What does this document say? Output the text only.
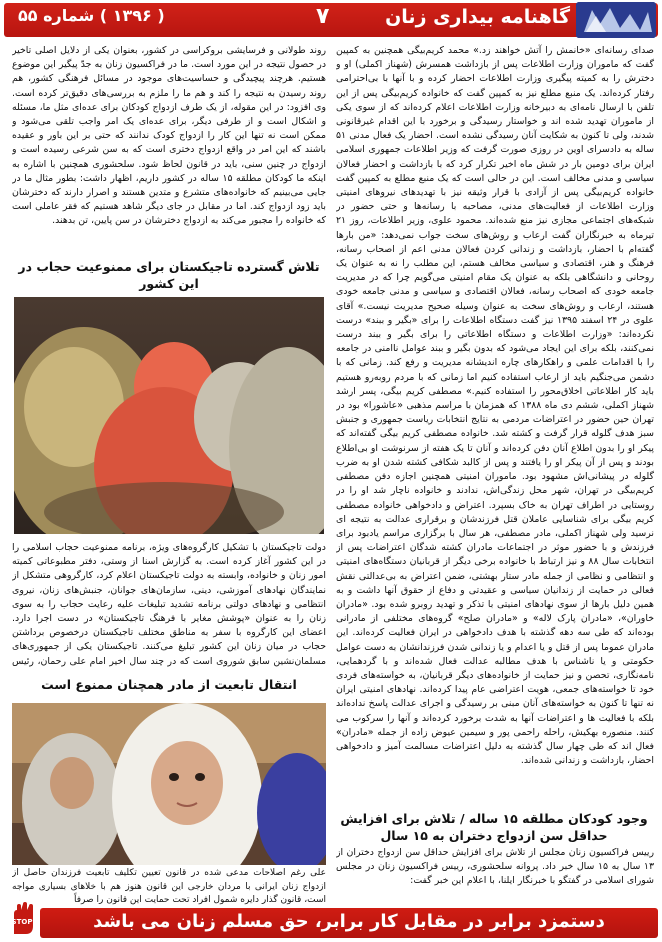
گاهنامه بیداری زنان
۷
( ۱۳۹۶ ) شماره ۵۵

صدای رسانه‌ای «خانمش را آتش خواهند زد.» محمد کریم‌بیگی همچنین به کمپین گفت که ماموران وزارت اطلاعات پس از بازداشت همسرش (شهناز اکملی) او و دخترش را به کمیته پیگیری وزارت اطلاعات احضار کرده و با آنها با بی‌احترامی رفتار کرده‌اند. یک منبع مطلع نیز به کمپین گفت که خانواده کریم‌بیگی پس از این تلفن با ارسال نامه‌ای به دبیرخانه وزارت اطلاعات اعلام کرده‌اند که از سوی یکی از ماموران تهدید شده اند و خواستار رسیدگی و برخورد با این اقدام غیرقانونی شدند، ولی تا کنون به شکایت آنان رسیدگی نشده است. احضار یک فعال مدنی ۵۱ ساله به دادسرای اوین در روزی صورت گرفت که وزیر اطلاعات جمهوری اسلامی ایران برای دومین بار در شش ماه اخیر تکرار کرد که با بازداشت و احضار فعالان سیاسی و مدنی مخالف است. این در حالی است که یک منبع مطلع به کمپین گفت خانواده کریم‌بیگی پس از آزادی با قرار وثیقه نیز با تهدیدهای نیروهای امنیتی وزارت اطلاعات از فعالیت‌های مدنی، مصاحبه با رسانه‌ها و حتی حضور در شبکه‌های اجتماعی مجازی نیز منع شده‌اند. محمود علوی، وزیر اطلاعات، روز ۲۱ تیرماه به خبرنگاران گفت ارعاب و روش‌های سخت جواب نمی‌دهد: «من بارها گفته‌ام با احضار، بازداشت و زندانی کردن فعالان مدنی اعم از اصحاب رسانه، فرهنگ و هنر، اقتصادی و سیاسی مخالف هستم، این مطلب را نه به عنوان یک روحانی و دانشگاهی بلکه به عنوان یک مقام امنیتی می‌گویم چرا که در مدیریت جامعه خودی که اصحاب رسانه، فعالان اقتصادی و سیاسی و مدنی جامعه خودی هستند، ارعاب و روش‌های سخت به عنوان وسیله صحیح مدیریت نیست.» آقای علوی در ۲۴ اسفند ۱۳۹۵ نیز گفت دستگاه اطلاعات را برای «بگیر و ببند» درست نکرده‌اند: «وزارت اطلاعات و دستگاه اطلاعاتی را برای بگیر و ببند درست نمی‌کنند، بلکه برای این ایجاد می‌شود که بدون بگیر و ببند عوامل ناامنی در جامعه را با اقدامات علمی و راهکارهای چاره اندیشانه مدیریت و رفع کند. زمانی که با دشمن می‌جنگیم باید از ارعاب استفاده کنیم اما زمانی که با مردم روبه‌رو هستیم باید کار اطلاعاتی اخلاق‌محور را استفاده کنیم.» مصطفی کریم بیگی، پسر ارشد شهناز اکملی، ششم دی ماه ۱۳۸۸ که همزمان با مراسم مذهبی «عاشورا» بود در تهران حین حضور در اعتراضات مردمی به نتایج انتخابات ریاست جمهوری و جنبش سبز هدف گلوله قرار گرفت و کشته شد. خانواده مصطفی کریم بیگی گفته‌اند که پیکر او را بدون اطلاع آنان دفن کرده‌اند و آنان تا یک هفته از سرنوشت او بی‌اطلاع بودند و پس از آن پیکر او را یافتند و پس از کالبد شکافی کشته شدن او به ضرب گلوله در پیشانی‌اش مشهود بود. ماموران امنیتی همچنین اجازه دفن مصطفی کریم‌بیگی در تهران، شهر محل زندگی‌اش، ندادند و خانواده ناچار شد او را در روستایی در اطراف تهران به خاک بسپرد. اعتراض و دادخواهی خانواده مصطفی کریم بیگی برای شناسایی عاملان قتل فرزندشان و برقراری عدالت به نتیجه ای نرسید ولی شهناز اکملی، مادر مصطفی، هر سال با برگزاری مراسم یادبود برای فرزندش و با حضور موثر در اجتماعات مادران کشته شدگان اعتراضات پس از انتخابات سال ۸۸ و نیز ارتباط با خانواده برخی دیگر از قربانیان دستگاه‌های امنیتی و انتظامی و نظامی از جمله مادر ستار بهشتی، ضمن اعتراض به بی‌عدالتی نقش فعالی در حمایت از زندانیان سیاسی و عقیدتی و دفاع از حقوق آنها داشت و به همین دلیل بارها از سوی نهادهای امنیتی با تذکر و تهدید روبرو شده بود. «مادران خاوران»، «مادران پارک لاله» و «مادران صلح» گروه‌های مختلفی از مادرانی بوده‌اند که طی سه دهه گذشته با هدف دادخواهی در ایران فعالیت کرده‌اند. این مادران عموما پس از قتل و یا اعدام و یا زندانی شدن فرزندانشان به دست عوامل حکومتی و یا ناشناس با هدف مطالبه عدالت فعال شده‌اند و با گردهمایی، نامه‌نگاری، تحصن و نیز حمایت از خانواده‌های دیگر قربانیان، به خواسته‌های فردی خود تا خواسته‌های جمعی، هویت اعتراضی عام پیدا کرده‌اند. نهادهای امنیتی ایران نه تنها تا کنون به خواسته‌های آنان مبنی بر رسیدگی و اجرای عدالت پاسخ نداده‌اند بلکه با فعالیت ها و اعتراضات آنها به شدت برخورد کرده‌اند و آنها را سرکوب می کنند. منصوره بهکیش، راحله راحمی پور و سیمین عیوض زاده از جمله «مادران» فعال اند که طی چهار سال گذشته به دلیل اعتراضات مسالمت آمیز و دادخواهی احضار، بازداشت و زندانی شده‌اند.

روند طولانی و فرسایشی بروکراسی در کشور، بعنوان یکی از دلایل اصلی تاخیر در حصول نتیجه در این مورد است. ما در فراکسیون زنان به جدّ پیگیر این موضوع هستیم. هرچند پیچیدگی و حساسیت‌های موجود در مسائل فرهنگی کشور، هم روند رسیدن به نتیجه را کند و هم ما را ملزم به بررسی‌های دقیق‌تر کرده است. وی افزود: در این مقوله، از یک طرف ازدواج کودکان برای عده‌ای مثل ما، مسئله و اشکال است و از طرفی دیگر، برای عده‌ای یک امر واجب تلقی می‌شود و ممکن است نه تنها این کار را ازدواج کودک ندانند که حتی بر این باور و عقیده باشند که این امر در واقع ازدواج دختری است که به سن شرعی رسیده است و ازدواج در چنین سنی، باید در قانون لحاظ شود. سلحشوری همچنین با اشاره به اینکه ما کودکان مطلقه ۱۵ ساله در کشور داریم، اظهار داشت: بطور مثال ما در جایی می‌بینیم که خانواده‌های متشرع و متدین هستند و اصرار دارند که دخترشان باید زود ازدواج کند. اما در مقابل در جای دیگر شاهد هستیم که فقر عاملی است که خانواده را مجبور می‌کند به ازدواج دخترشان در سن پایین، تن بدهند.

تلاش گسترده تاجیکستان برای ممنوعیت حجاب در این کشور

دولت تاجیکستان با تشکیل کارگروه‌های ویژه، برنامه ممنوعیت حجاب اسلامی را در این کشور آغاز کرده است. به گزارش اسنا از وستی، دفتر مطبوعاتی کمیته امور زنان و خانواده، وابسته به دولت تاجیکستان اعلام کرد، کارگروهی متشکل از نمایندگان نهادهای آموزشی، دینی، سازمان‌های جوانان، جنبش‌های زنان، نیروی انتظامی و نهادهای دولتی برنامه تشدید تبلیغات علیه رعایت حجاب را به سوی زنان را به عنوان «پوشش مغایر با فرهنگ تاجیکستان» در دست اجرا دارد. اعضای این کارگروه با سفر به مناطق مختلف تاجیکستان درخصوص برداشتن حجاب در میان زنان این کشور تبلیغ می‌کنند. تاجیکستان یکی از جمهوری‌های مسلمان‌نشین سابق شوروی است که در چند سال اخیر امام علی رحمان، رئیس

انتقال تابعیت از مادر همچنان ممنوع است
علی رغم اصلاحات مدعی شده در قانون تعیین تکلیف تابعیت فرزندان حاصل از ازدواج زنان ایرانی با مردان خارجی این قانون هنوز هم با خلاهای بسیاری مواجه است، قانون گذار دایره شمول افراد تحت حمایت این قانون را صرفاً
وجود کودکان مطلقه ۱۵ ساله / تلاش برای افزایش حداقل سن ازدواج دختران به ۱۵ سال
رییس فراکسیون زنان مجلس از تلاش برای افزایش حداقل سن ازدواج دختران از ۱۳ سال به ۱۵ سال خبر داد. پروانه سلحشوری، رییس فراکسیون زنان در مجلس شورای اسلامی در گفتگو با خبرنگار ایلنا، با اعلام این خبر گفت:
STOP	دستمزد برابر در مقابل کار برابر، حق مسلم زنان می باشد
